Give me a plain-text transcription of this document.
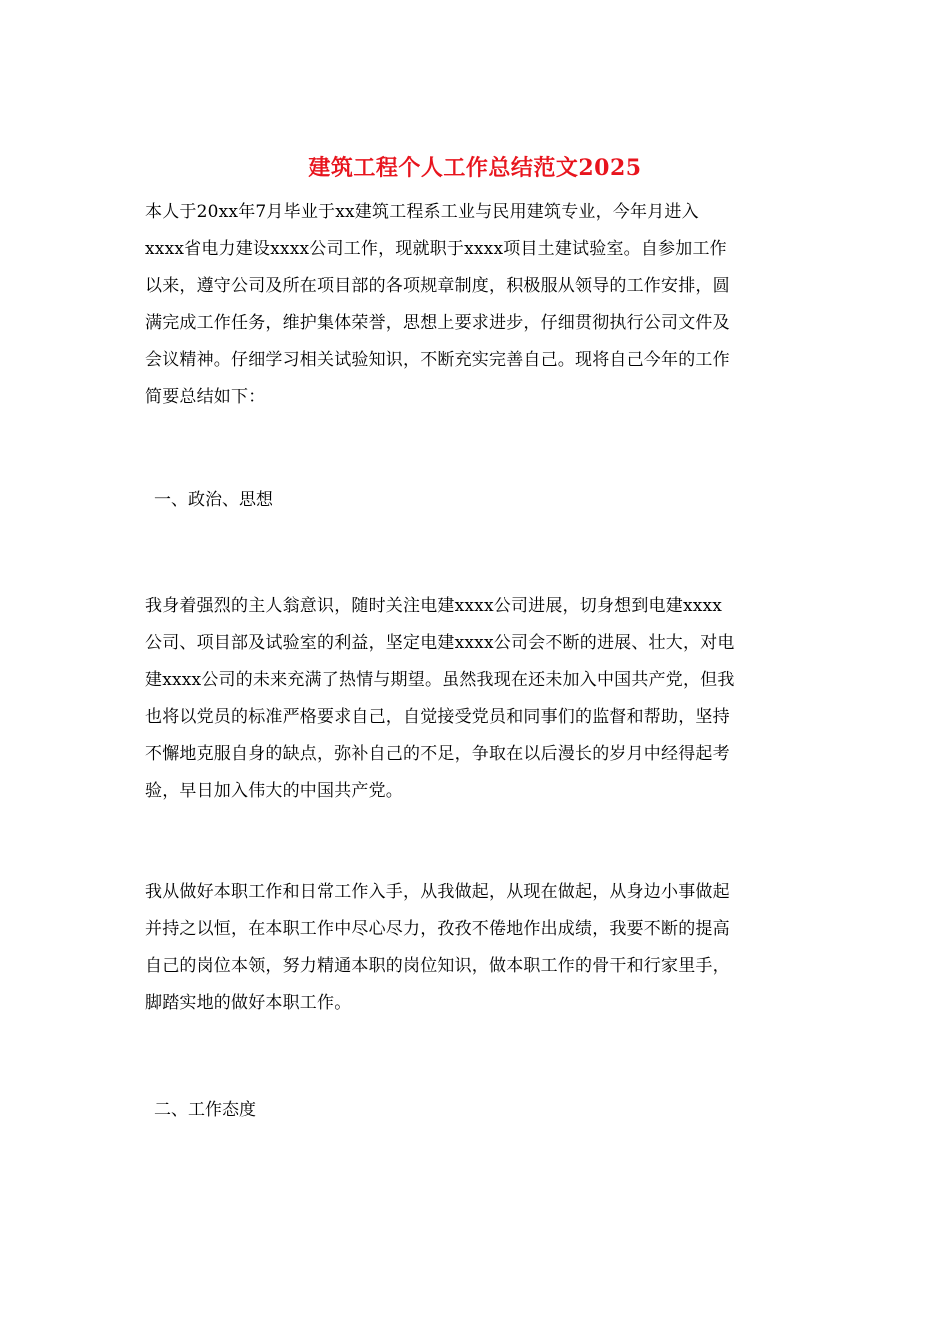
建筑工程个人工作总结范文2025
本人于20xx年7月毕业于xx建筑工程系工业与民用建筑专业，今年月进入
xxxx省电力建设xxxx公司工作，现就职于xxxx项目土建试验室。自参加工作
以来，遵守公司及所在项目部的各项规章制度，积极服从领导的工作安排，圆
满完成工作任务，维护集体荣誉，思想上要求进步，仔细贯彻执行公司文件及
会议精神。仔细学习相关试验知识，不断充实完善自己。现将自己今年的工作
简要总结如下：
一、政治、思想
我身着强烈的主人翁意识，随时关注电建xxxx公司进展，切身想到电建xxxx
公司、项目部及试验室的利益，坚定电建xxxx公司会不断的进展、壮大，对电
建xxxx公司的未来充满了热情与期望。虽然我现在还未加入中国共产党，但我
也将以党员的标准严格要求自己，自觉接受党员和同事们的监督和帮助，坚持
不懈地克服自身的缺点，弥补自己的不足，争取在以后漫长的岁月中经得起考
验，早日加入伟大的中国共产党。
我从做好本职工作和日常工作入手，从我做起，从现在做起，从身边小事做起
并持之以恒，在本职工作中尽心尽力，孜孜不倦地作出成绩，我要不断的提高
自己的岗位本领，努力精通本职的岗位知识，做本职工作的骨干和行家里手，
脚踏实地的做好本职工作。
二、工作态度
